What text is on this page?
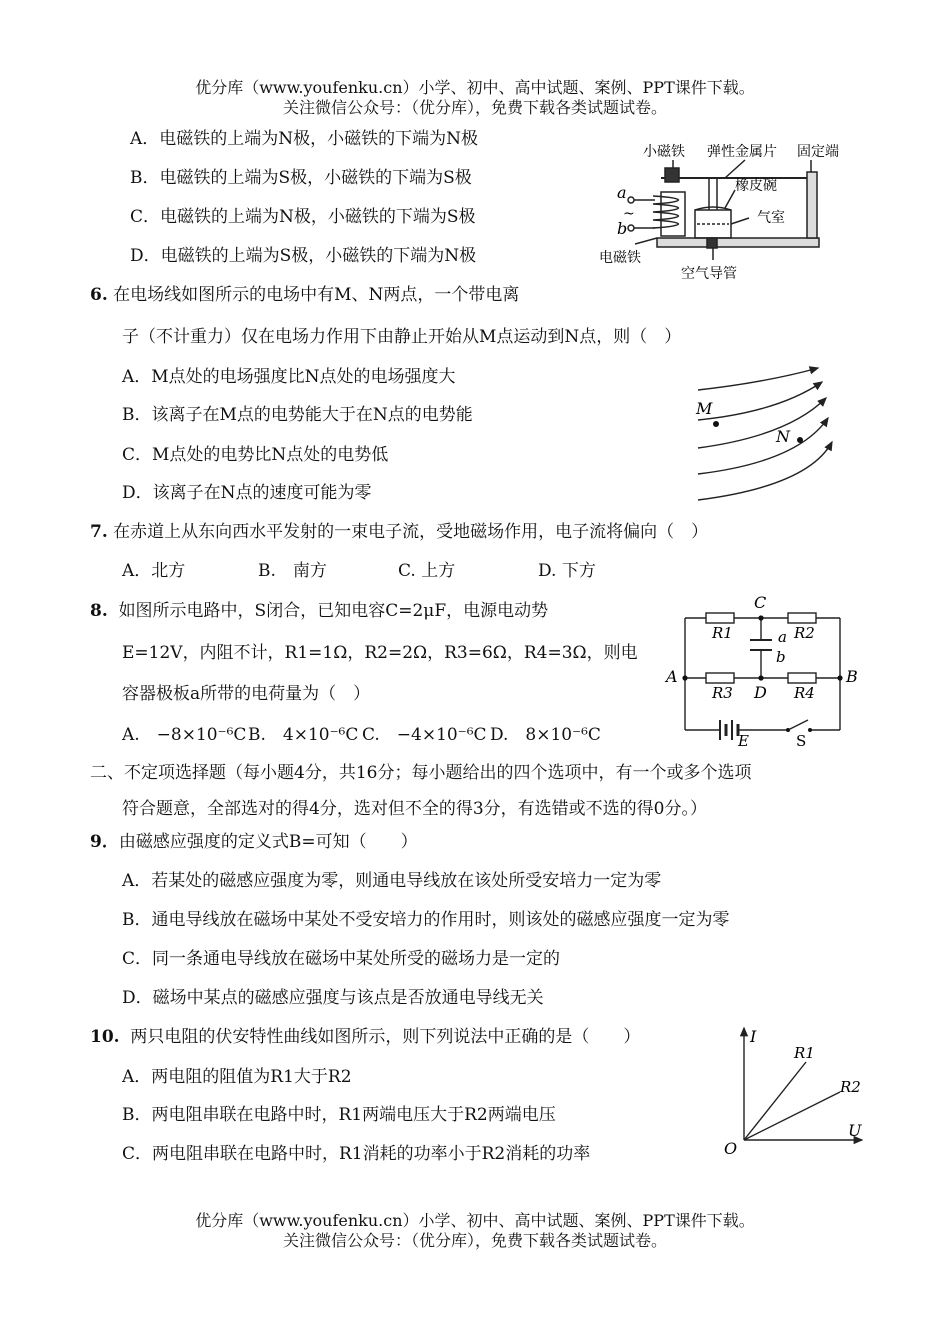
优分库（www.youfenku.cn）小学、初中、高中试题、案例、PPT课件下载。
关注微信公众号：（优分库），免费下载各类试题试卷。
A．电磁铁的上端为N极，小磁铁的下端为N极
B．电磁铁的上端为S极，小磁铁的下端为S极
C．电磁铁的上端为N极，小磁铁的下端为S极
D．电磁铁的上端为S极，小磁铁的下端为N极
小磁铁 弹性金属片 固定端
橡皮碗
气室
电磁铁
空气导管
a
b
~
6. 在电场线如图所示的电场中有M、N两点，一个带电离
子（不计重力）仅在电场力作用下由静止开始从M点运动到N点，则（　）
A．M点处的电场强度比N点处的电场强度大
B．该离子在M点的电势能大于在N点的电势能
C．M点处的电势比N点处的电势低
D．该离子在N点的速度可能为零
M
N
7. 在赤道上从东向西水平发射的一束电子流，受地磁场作用，电子流将偏向（　）
A．北方	B.　南方	C. 上方	D. 下方
8. 如图所示电路中，S闭合，已知电容C=2μF，电源电动势
E=12V，内阻不计，R1=1Ω，R2=2Ω，R3=6Ω，R4=3Ω，则电
容器极板a所带的电荷量为（　）
A.　−8×10⁻⁶C B.　4×10⁻⁶C C.　−4×10⁻⁶C D.　8×10⁻⁶C
C
R1	R2
a
b
A	B
R3 D R4
E	S
二、不定项选择题（每小题4分，共16分；每小题给出的四个选项中，有一个或多个选项
符合题意，全部选对的得4分，选对但不全的得3分，有选错或不选的得0分。）
9．由磁感应强度的定义式B=可知（　　）
A．若某处的磁感应强度为零，则通电导线放在该处所受安培力一定为零
B．通电导线放在磁场中某处不受安培力的作用时，则该处的磁感应强度一定为零
C．同一条通电导线放在磁场中某处所受的磁场力是一定的
D．磁场中某点的磁感应强度与该点是否放通电导线无关
10. 两只电阻的伏安特性曲线如图所示，则下列说法中正确的是（　　）
A．两电阻的阻值为R1大于R2
B．两电阻串联在电路中时，R1两端电压大于R2两端电压
C．两电阻串联在电路中时，R1消耗的功率小于R2消耗的功率
I
U
O
R1
R2
优分库（www.youfenku.cn）小学、初中、高中试题、案例、PPT课件下载。
关注微信公众号：（优分库），免费下载各类试题试卷。
